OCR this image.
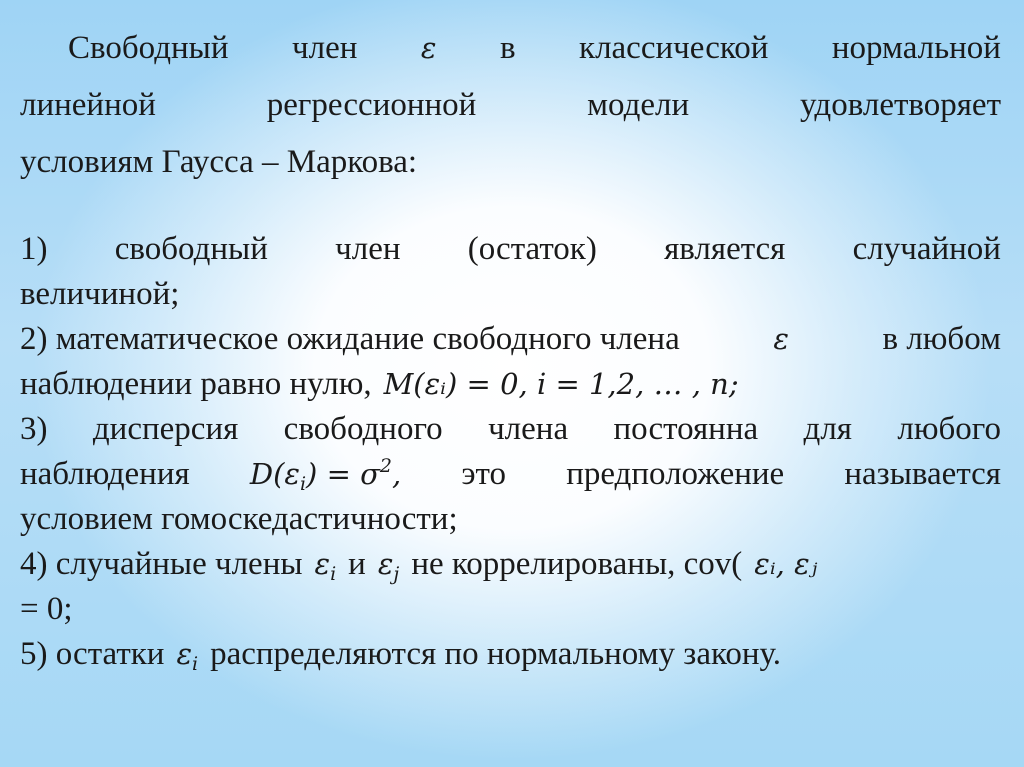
Свободный член ε в классической нормальной
линейной	регрессионной	модели	удовлетворяет
условиям Гаусса – Маркова:
1) свободный член (остаток) является случайной
величиной;
2) математическое ожидание свободного члена	ε	в любом
наблюдении равно нулю, M(εᵢ) = 0, i = 1,2, … , n;
3) дисперсия свободного члена постоянна для любого
наблюдения $D(\varepsilon_i) = \sigma^2$, это предположение называется
условием гомоскедастичности;
4) случайные члены $\varepsilon_i$ и $\varepsilon_j$ не коррелированы, cov( εᵢ, εⱼ
= 0;
5) остатки $\varepsilon_i$ распределяются по нормальному закону.
